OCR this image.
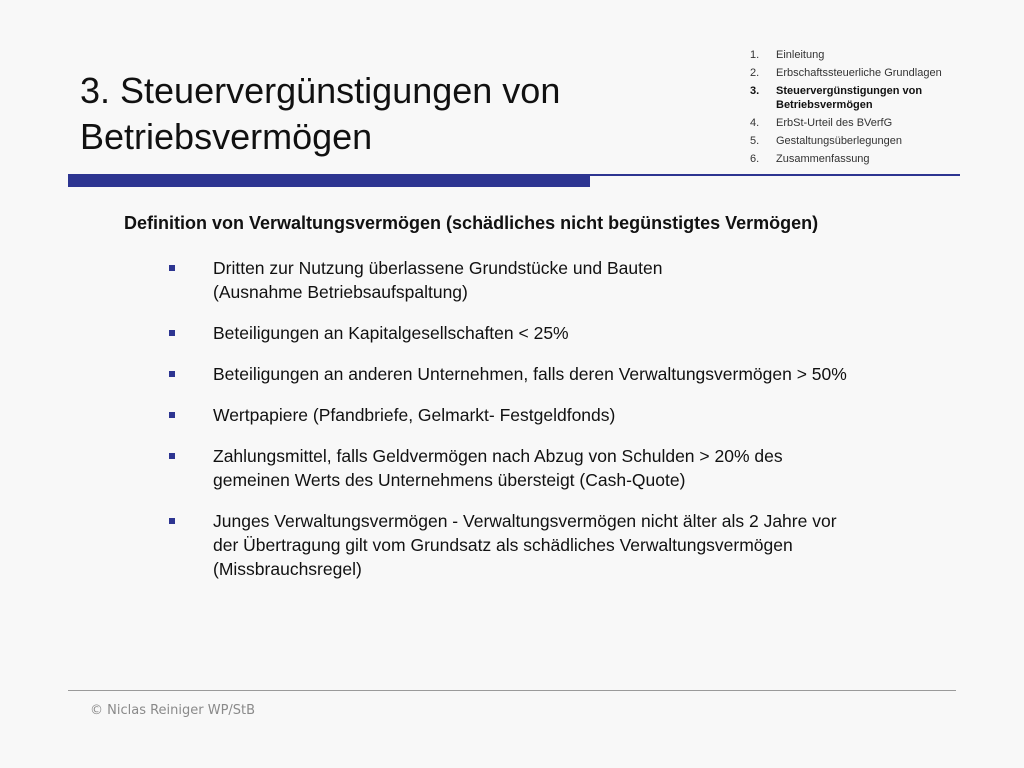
3. Steuervergünstigungen von
Betriebsvermögen
1.	Einleitung
2.	Erbschaftssteuerliche Grundlagen
3.	Steuervergünstigungen von Betriebsvermögen
4.	ErbSt-Urteil des BVerfG
5.	Gestaltungsüberlegungen
6.	Zusammenfassung
Definition von Verwaltungsvermögen (schädliches nicht begünstigtes Vermögen)
Dritten zur Nutzung überlassene Grundstücke und Bauten
(Ausnahme Betriebsaufspaltung)
Beteiligungen an Kapitalgesellschaften < 25%
Beteiligungen an anderen Unternehmen, falls deren Verwaltungsvermögen > 50%
Wertpapiere (Pfandbriefe, Gelmarkt- Festgeldfonds)
Zahlungsmittel, falls Geldvermögen nach Abzug von Schulden > 20% des
gemeinen Werts des Unternehmens übersteigt (Cash-Quote)
Junges Verwaltungsvermögen - Verwaltungsvermögen nicht älter als 2 Jahre vor
der Übertragung gilt vom Grundsatz als schädliches Verwaltungsvermögen
(Missbrauchsregel)
© Niclas Reiniger WP/StB
